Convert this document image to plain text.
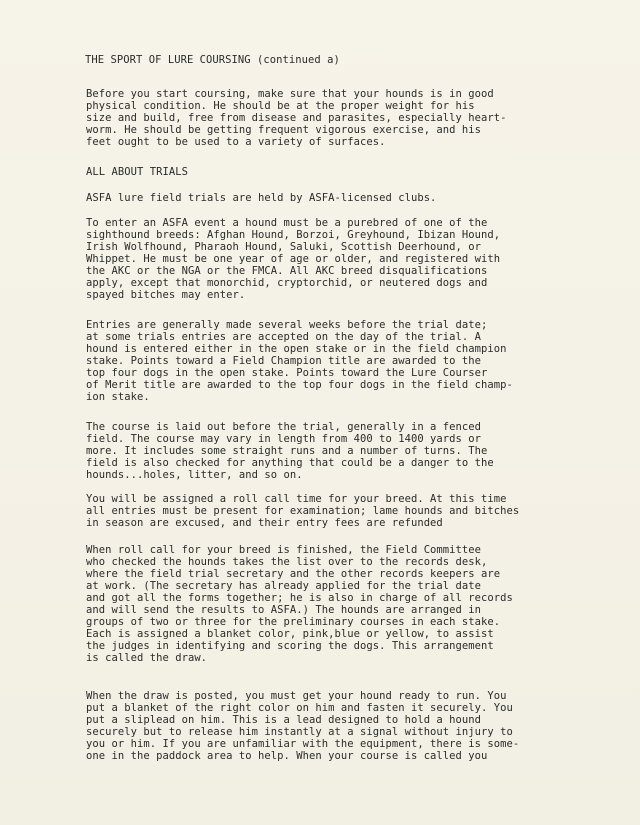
THE SPORT OF LURE COURSING (continued a)
Before you start coursing, make sure that your hounds is in good
physical condition. He should be at the proper weight for his
size and build, free from disease and parasites, especially heart-
worm. He should be getting frequent vigorous exercise, and his
feet ought to be used to a variety of surfaces.
ALL ABOUT TRIALS
ASFA lure field trials are held by ASFA-licensed clubs.
To enter an ASFA event a hound must be a purebred of one of the
sighthound breeds: Afghan Hound, Borzoi, Greyhound, Ibizan Hound,
Irish Wolfhound, Pharaoh Hound, Saluki, Scottish Deerhound, or
Whippet. He must be one year of age or older, and registered with
the AKC or the NGA or the FMCA. All AKC breed disqualifications
apply, except that monorchid, cryptorchid, or neutered dogs and
spayed bitches may enter.
Entries are generally made several weeks before the trial date;
at some trials entries are accepted on the day of the trial. A
hound is entered either in the open stake or in the field champion
stake. Points toward a Field Champion title are awarded to the
top four dogs in the open stake. Points toward the Lure Courser
of Merit title are awarded to the top four dogs in the field champ-
ion stake.
The course is laid out before the trial, generally in a fenced
field. The course may vary in length from 400 to 1400 yards or
more. It includes some straight runs and a number of turns. The
field is also checked for anything that could be a danger to the
hounds...holes, litter, and so on.
You will be assigned a roll call time for your breed. At this time
all entries must be present for examination; lame hounds and bitches
in season are excused, and their entry fees are refunded
When roll call for your breed is finished, the Field Committee
who checked the hounds takes the list over to the records desk,
where the field trial secretary and the other records keepers are
at work. (The secretary has already applied for the trial date
and got all the forms together; he is also in charge of all records
and will send the results to ASFA.) The hounds are arranged in
groups of two or three for the preliminary courses in each stake.
Each is assigned a blanket color, pink,blue or yellow, to assist
the judges in identifying and scoring the dogs. This arrangement
is called the draw.
When the draw is posted, you must get your hound ready to run. You
put a blanket of the right color on him and fasten it securely. You
put a sliplead on him. This is a lead designed to hold a hound
securely but to release him instantly at a signal without injury to
you or him. If you are unfamiliar with the equipment, there is some-
one in the paddock area to help. When your course is called you
